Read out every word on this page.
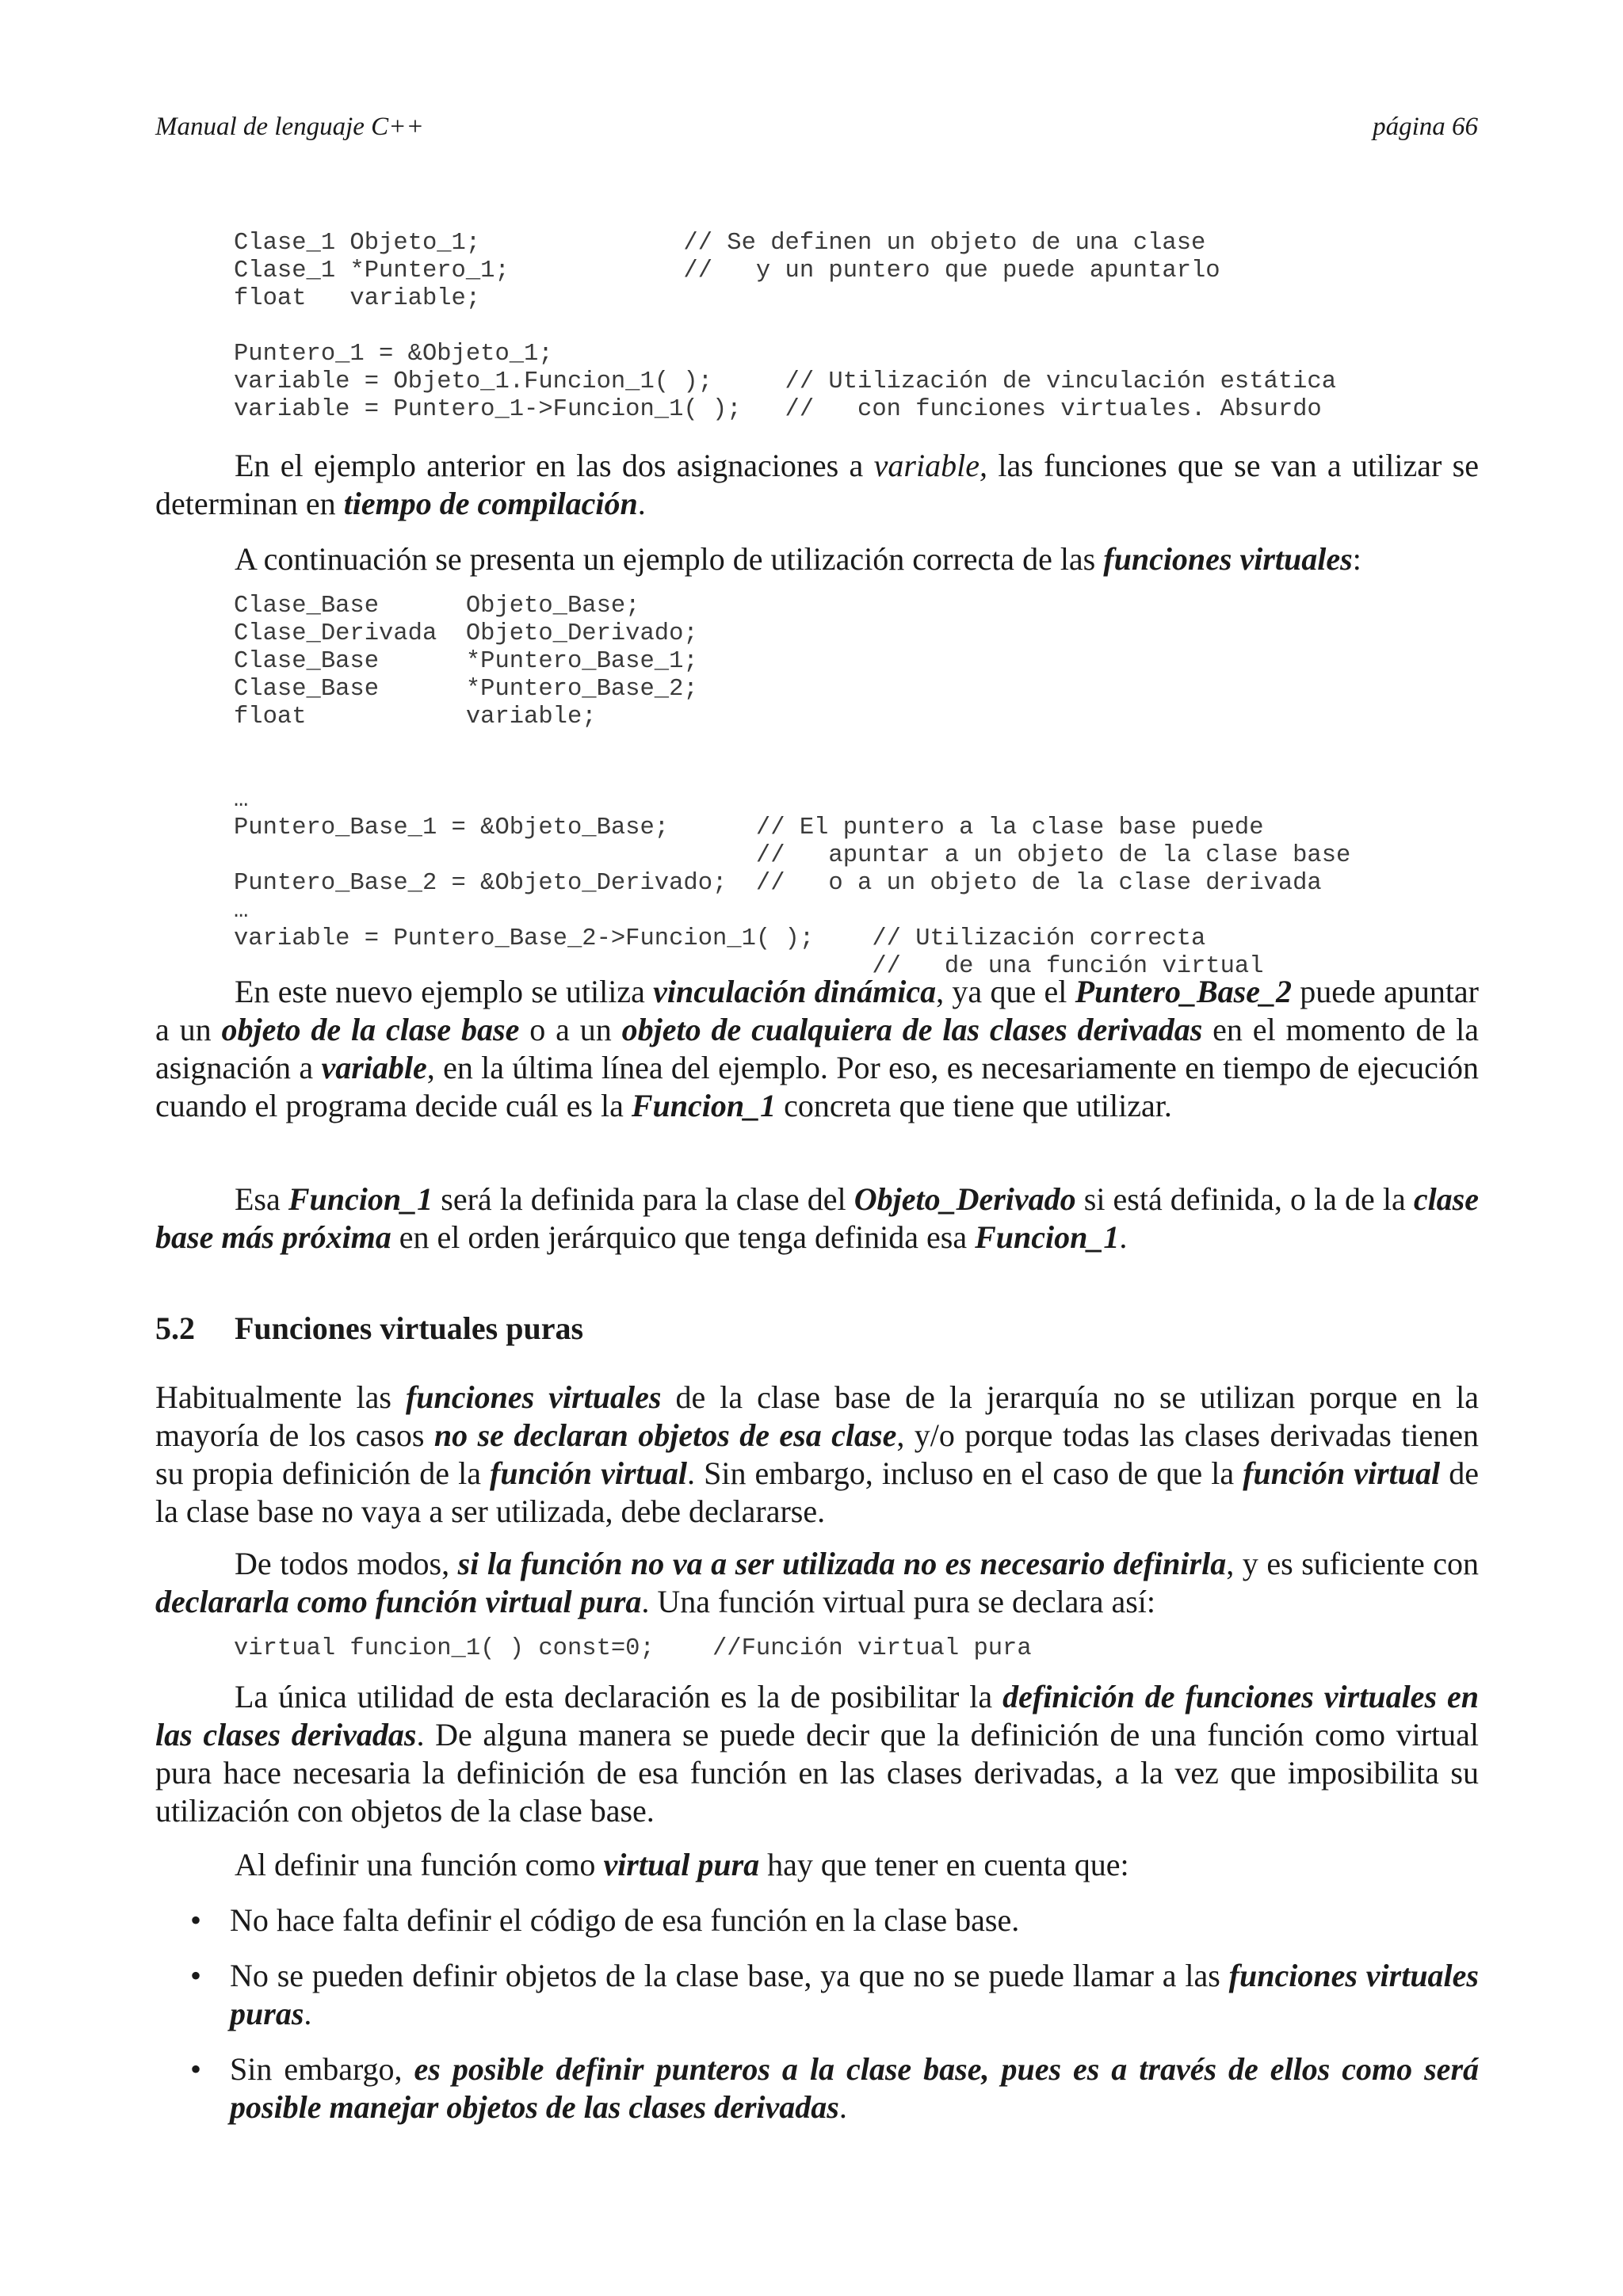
Manual de lenguaje C++	página 66
Clase_1 Objeto_1;              // Se definen un objeto de una clase
Clase_1 *Puntero_1;            //   y un puntero que puede apuntarlo
float   variable;

Puntero_1 = &Objeto_1;
variable = Objeto_1.Funcion_1( );     // Utilización de vinculación estática
variable = Puntero_1->Funcion_1( );   //   con funciones virtuales. Absurdo

En el ejemplo anterior en las dos asignaciones a variable, las funciones que se van a utilizar se determinan en tiempo de compilación.

A continuación se presenta un ejemplo de utilización correcta de las funciones virtuales:

Clase_Base      Objeto_Base;
Clase_Derivada  Objeto_Derivado;
Clase_Base      *Puntero_Base_1;
Clase_Base      *Puntero_Base_2;
float           variable;

…
Puntero_Base_1 = &Objeto_Base;      // El puntero a la clase base puede
//   apuntar a un objeto de la clase base
Puntero_Base_2 = &Objeto_Derivado;  //   o a un objeto de la clase derivada
…
variable = Puntero_Base_2->Funcion_1( );    // Utilización correcta
//   de una función virtual

En este nuevo ejemplo se utiliza vinculación dinámica, ya que el Puntero_Base_2 puede apuntar a un objeto de la clase base o a un objeto de cualquiera de las clases derivadas en el momento de la asignación a variable, en la última línea del ejemplo. Por eso, es necesariamente en tiempo de ejecución cuando el programa decide cuál es la Funcion_1 concreta que tiene que utilizar.

Esa Funcion_1 será la definida para la clase del Objeto_Derivado si está definida, o la de la clase base más próxima en el orden jerárquico que tenga definida esa Funcion_1.

5.2 Funciones virtuales puras

Habitualmente las funciones virtuales de la clase base de la jerarquía no se utilizan porque en la mayoría de los casos no se declaran objetos de esa clase, y/o porque todas las clases derivadas tienen su propia definición de la función virtual. Sin embargo, incluso en el caso de que la función virtual de la clase base no vaya a ser utilizada, debe declararse.

De todos modos, si la función no va a ser utilizada no es necesario definirla, y es suficiente con declararla como función virtual pura. Una función virtual pura se declara así:

virtual funcion_1( ) const=0;    //Función virtual pura

La única utilidad de esta declaración es la de posibilitar la definición de funciones virtuales en las clases derivadas. De alguna manera se puede decir que la definición de una función como virtual pura hace necesaria la definición de esa función en las clases derivadas, a la vez que imposibilita su utilización con objetos de la clase base.

Al definir una función como virtual pura hay que tener en cuenta que:

• No hace falta definir el código de esa función en la clase base.

• No se pueden definir objetos de la clase base, ya que no se puede llamar a las funciones virtuales puras.

• Sin embargo, es posible definir punteros a la clase base, pues es a través de ellos como será posible manejar objetos de las clases derivadas.
